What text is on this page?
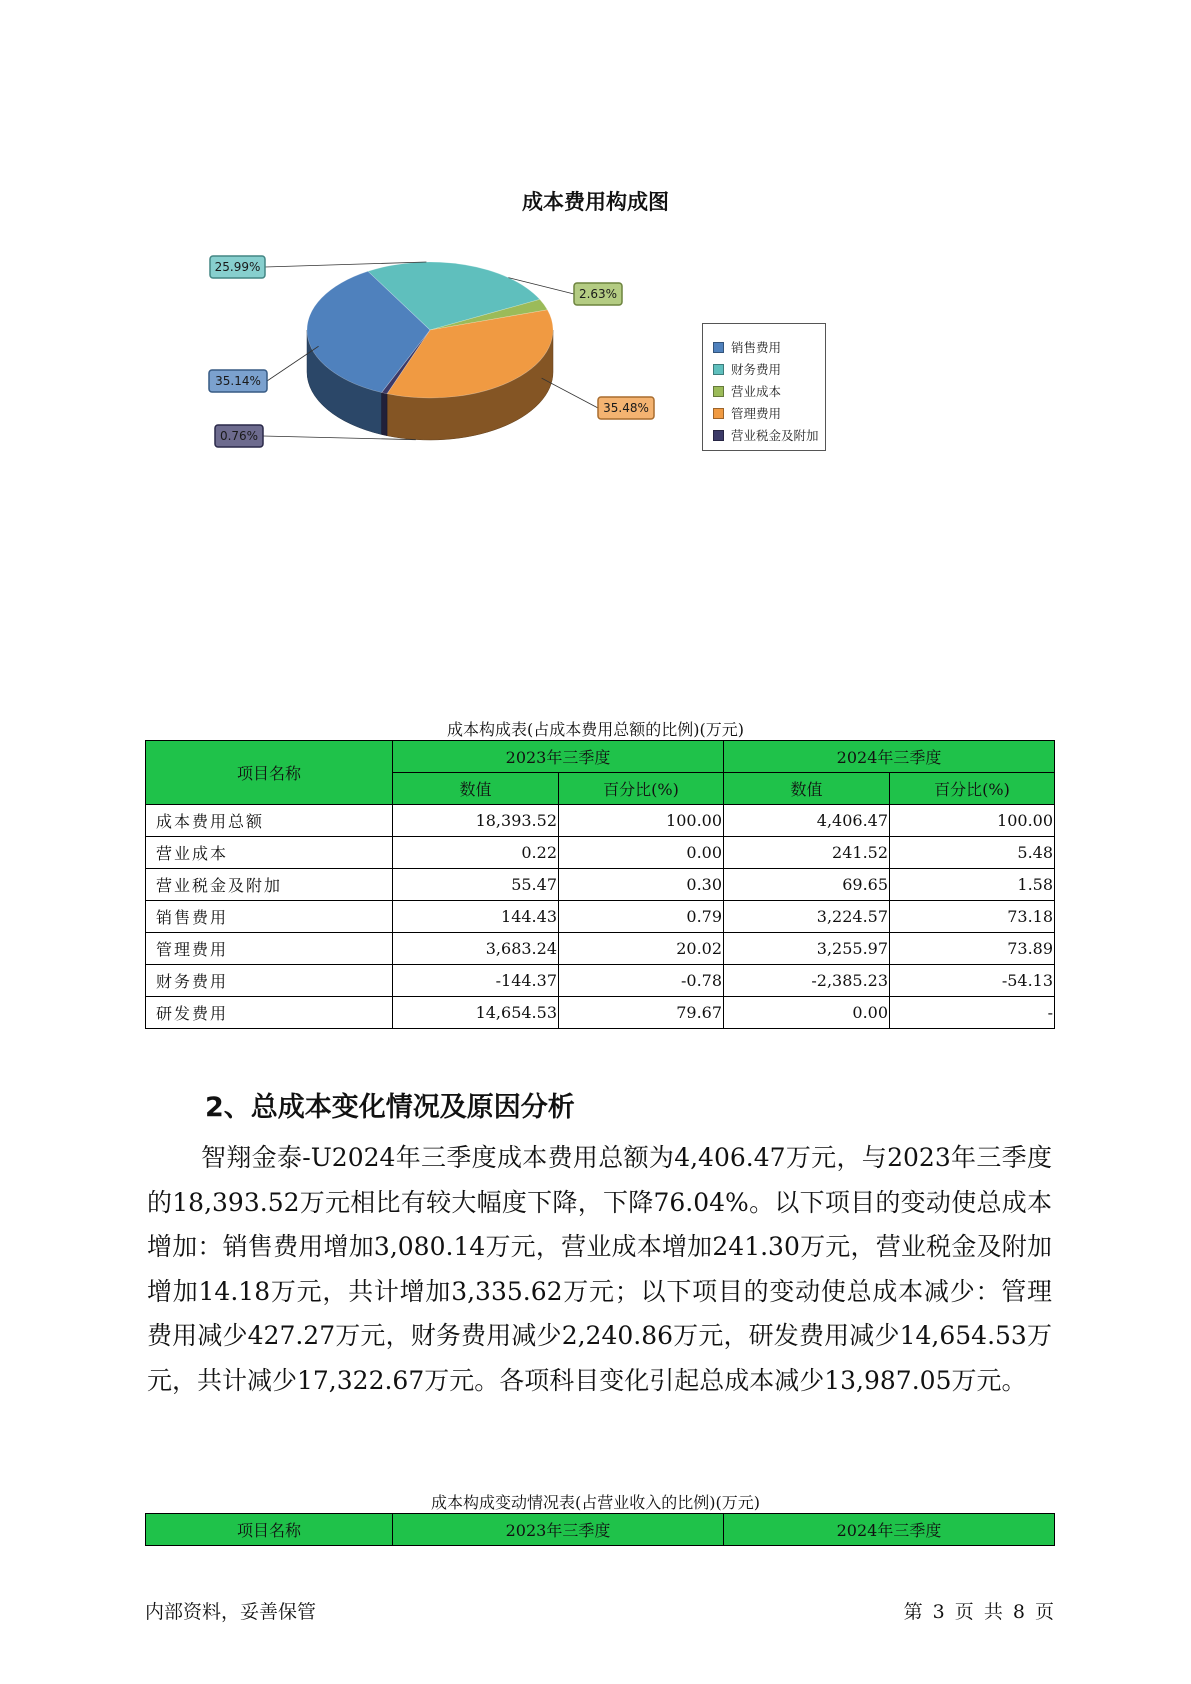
成本费用构成图
35.14%
25.99%
2.63%
35.48%
0.76%
销售费用
财务费用
营业成本
管理费用
营业税金及附加
成本构成表(占成本费用总额的比例)(万元)
项目名称	2023年三季度		2024年三季度	
	数值	百分比(%)	数值	百分比(%)
成本费用总额	18,393.52	100.00	4,406.47	100.00
营业成本	0.22	0.00	241.52	5.48
营业税金及附加	55.47	0.30	69.65	1.58
销售费用	144.43	0.79	3,224.57	73.18
管理费用	3,683.24	20.02	3,255.97	73.89
财务费用	-144.37	-0.78	-2,385.23	-54.13
研发费用	14,654.53	79.67	0.00	-
2、总成本变化情况及原因分析
智翔金泰-U2024年三季度成本费用总额为4,406.47万元，与2023年三季度的18,393.52万元相比有较大幅度下降，下降76.04%。以下项目的变动使总成本增加：销售费用增加3,080.14万元，营业成本增加241.30万元，营业税金及附加增加14.18万元，共计增加3,335.62万元；以下项目的变动使总成本减少：管理费用减少427.27万元，财务费用减少2,240.86万元，研发费用减少14,654.53万元，共计减少17,322.67万元。各项科目变化引起总成本减少13,987.05万元。
成本构成变动情况表(占营业收入的比例)(万元)
项目名称	2023年三季度	2024年三季度
内部资料，妥善保管	第 3 页 共 8 页
